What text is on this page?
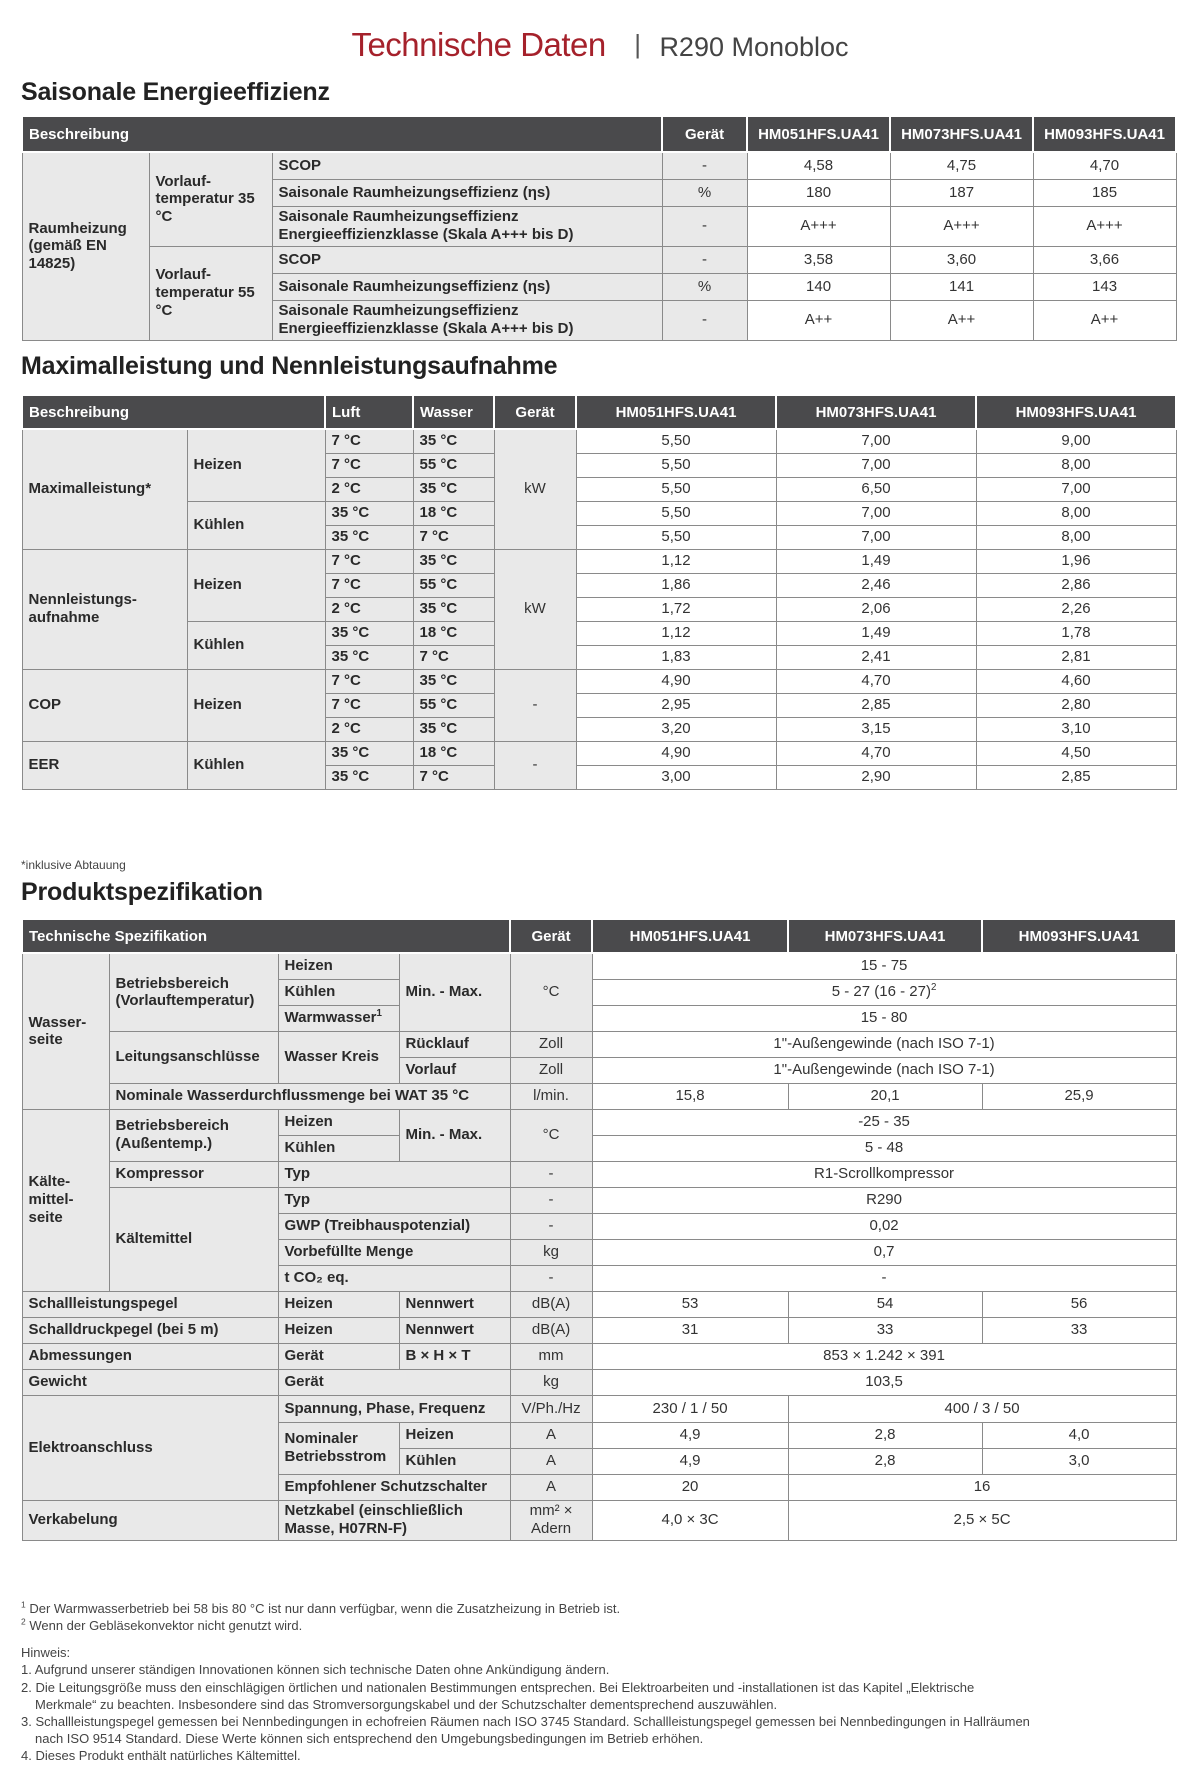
Technische Daten | R290 Monobloc
Saisonale Energieeffizienz
Beschreibung			Gerät	HM051HFS.UA41	HM073HFS.UA41	HM093HFS.UA41
Raumheizung (gemäß EN 14825)	Vorlauf-temperatur 35 °C	SCOP	-	4,58	4,75	4,70
		Saisonale Raumheizungseffizienz (ηs)	%	180	187	185
		Saisonale Raumheizungseffizienz Energieeffizienzklasse (Skala A+++ bis D)	-	A+++	A+++	A+++
	Vorlauf-temperatur 55 °C	SCOP	-	3,58	3,60	3,66
		Saisonale Raumheizungseffizienz (ηs)	%	140	141	143
		Saisonale Raumheizungseffizienz Energieeffizienzklasse (Skala A+++ bis D)	-	A++	A++	A++
Maximalleistung und Nennleistungsaufnahme
Beschreibung		Luft	Wasser	Gerät	HM051HFS.UA41	HM073HFS.UA41	HM093HFS.UA41
Maximalleistung*	Heizen	7 °C	35 °C	kW	5,50	7,00	9,00
		7 °C	55 °C		5,50	7,00	8,00
		2 °C	35 °C		5,50	6,50	7,00
	Kühlen	35 °C	18 °C		5,50	7,00	8,00
		35 °C	7 °C		5,50	7,00	8,00
Nennleistungs-aufnahme	Heizen	7 °C	35 °C	kW	1,12	1,49	1,96
		7 °C	55 °C		1,86	2,46	2,86
		2 °C	35 °C		1,72	2,06	2,26
	Kühlen	35 °C	18 °C		1,12	1,49	1,78
		35 °C	7 °C		1,83	2,41	2,81
COP	Heizen	7 °C	35 °C	-	4,90	4,70	4,60
		7 °C	55 °C		2,95	2,85	2,80
		2 °C	35 °C		3,20	3,15	3,10
EER	Kühlen	35 °C	18 °C	-	4,90	4,70	4,50
		35 °C	7 °C		3,00	2,90	2,85
*inklusive Abtauung
Produktspezifikation
Technische Spezifikation				Gerät	HM051HFS.UA41	HM073HFS.UA41	HM093HFS.UA41
Wasser-seite	Betriebsbereich (Vorlauftemperatur)	Heizen	Min. - Max.	°C	15 - 75		
		Kühlen			5 - 27 (16 - 27)$^2$
		Warmwasser$^1$			15 - 80		
	Leitungsanschlüsse	Wasser Kreis	Rücklauf	Zoll	1"-Außengewinde (nach ISO 7-1)		
			Vorlauf	Zoll	1"-Außengewinde (nach ISO 7-1)		
	Nominale Wasserdurchflussmenge bei WAT 35 °C			l/min.	15,8	20,1	25,9
Kälte-mittel-seite	Betriebsbereich (Außentemp.)	Heizen	Min. - Max.	°C	-25 - 35		
		Kühlen			5 - 48		
	Kompressor	Typ		-	R1-Scrollkompressor		
	Kältemittel	Typ		-	R290		
		GWP (Treibhauspotenzial)		-	0,02		
		Vorbefüllte Menge		kg	0,7		
		t CO₂ eq.		-	-		
Schallleistungspegel		Heizen	Nennwert	dB(A)	53	54	56
Schalldruckpegel (bei 5 m)		Heizen	Nennwert	dB(A)	31	33	33
Abmessungen		Gerät	B × H × T	mm	853 × 1.242 × 391		
Gewicht		Gerät		kg	103,5		
Elektroanschluss		Spannung, Phase, Frequenz		V/Ph./Hz	230 / 1 / 50	400 / 3 / 50	
		Nominaler Betriebsstrom	Heizen	A	4,9	2,8	4,0
			Kühlen	A	4,9	2,8	3,0
		Empfohlener Schutzschalter		A	20	16	
Verkabelung		Netzkabel (einschließlich Masse, H07RN-F)		mm² × Adern	4,0 × 3C	2,5 × 5C	

$^1$ Der Warmwasserbetrieb bei 58 bis 80 °C ist nur dann verfügbar, wenn die Zusatzheizung in Betrieb ist.

$^2$ Wenn der Gebläsekonvektor nicht genutzt wird.

Hinweis:

1. Aufgrund unserer ständigen Innovationen können sich technische Daten ohne Ankündigung ändern.

2. Die Leitungsgröße muss den einschlägigen örtlichen und nationalen Bestimmungen entsprechen. Bei Elektroarbeiten und -installationen ist das Kapitel „Elektrische

Merkmale“ zu beachten. Insbesondere sind das Stromversorgungskabel und der Schutzschalter dementsprechend auszuwählen.

3. Schallleistungspegel gemessen bei Nennbedingungen in echofreien Räumen nach ISO 3745 Standard. Schallleistungspegel gemessen bei Nennbedingungen in Hallräumen

nach ISO 9514 Standard. Diese Werte können sich entsprechend den Umgebungsbedingungen im Betrieb erhöhen.

4. Dieses Produkt enthält natürliches Kältemittel.
